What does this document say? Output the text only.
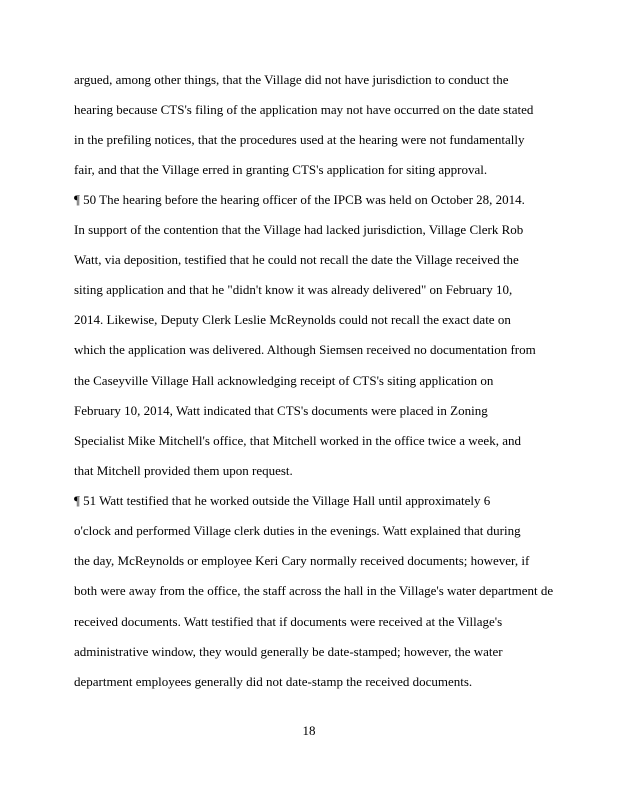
argued, among other things, that the Village did not have jurisdiction to conduct the
hearing because CTS's filing of the application may not have occurred on the date stated
in the prefiling notices, that the procedures used at the hearing were not fundamentally
fair, and that the Village erred in granting CTS's application for siting approval.
¶ 50 The hearing before the hearing officer of the IPCB was held on October 28, 2014.
In support of the contention that the Village had lacked jurisdiction, Village Clerk Rob
Watt, via deposition, testified that he could not recall the date the Village received the
siting application and that he "didn't know it was already delivered" on February 10,
2014. Likewise, Deputy Clerk Leslie McReynolds could not recall the exact date on
which the application was delivered. Although Siemsen received no documentation from
the Caseyville Village Hall acknowledging receipt of CTS's siting application on
February 10, 2014, Watt indicated that CTS's documents were placed in Zoning
Specialist Mike Mitchell's office, that Mitchell worked in the office twice a week, and
that Mitchell provided them upon request.
¶ 51 Watt testified that he worked outside the Village Hall until approximately 6
o'clock and performed Village clerk duties in the evenings. Watt explained that during
the day, McReynolds or employee Keri Cary normally received documents; however, if
both were away from the office, the staff across the hall in the Village's water department de
received documents. Watt testified that if documents were received at the Village's
administrative window, they would generally be date-stamped; however, the water
department employees generally did not date-stamp the received documents.
18
